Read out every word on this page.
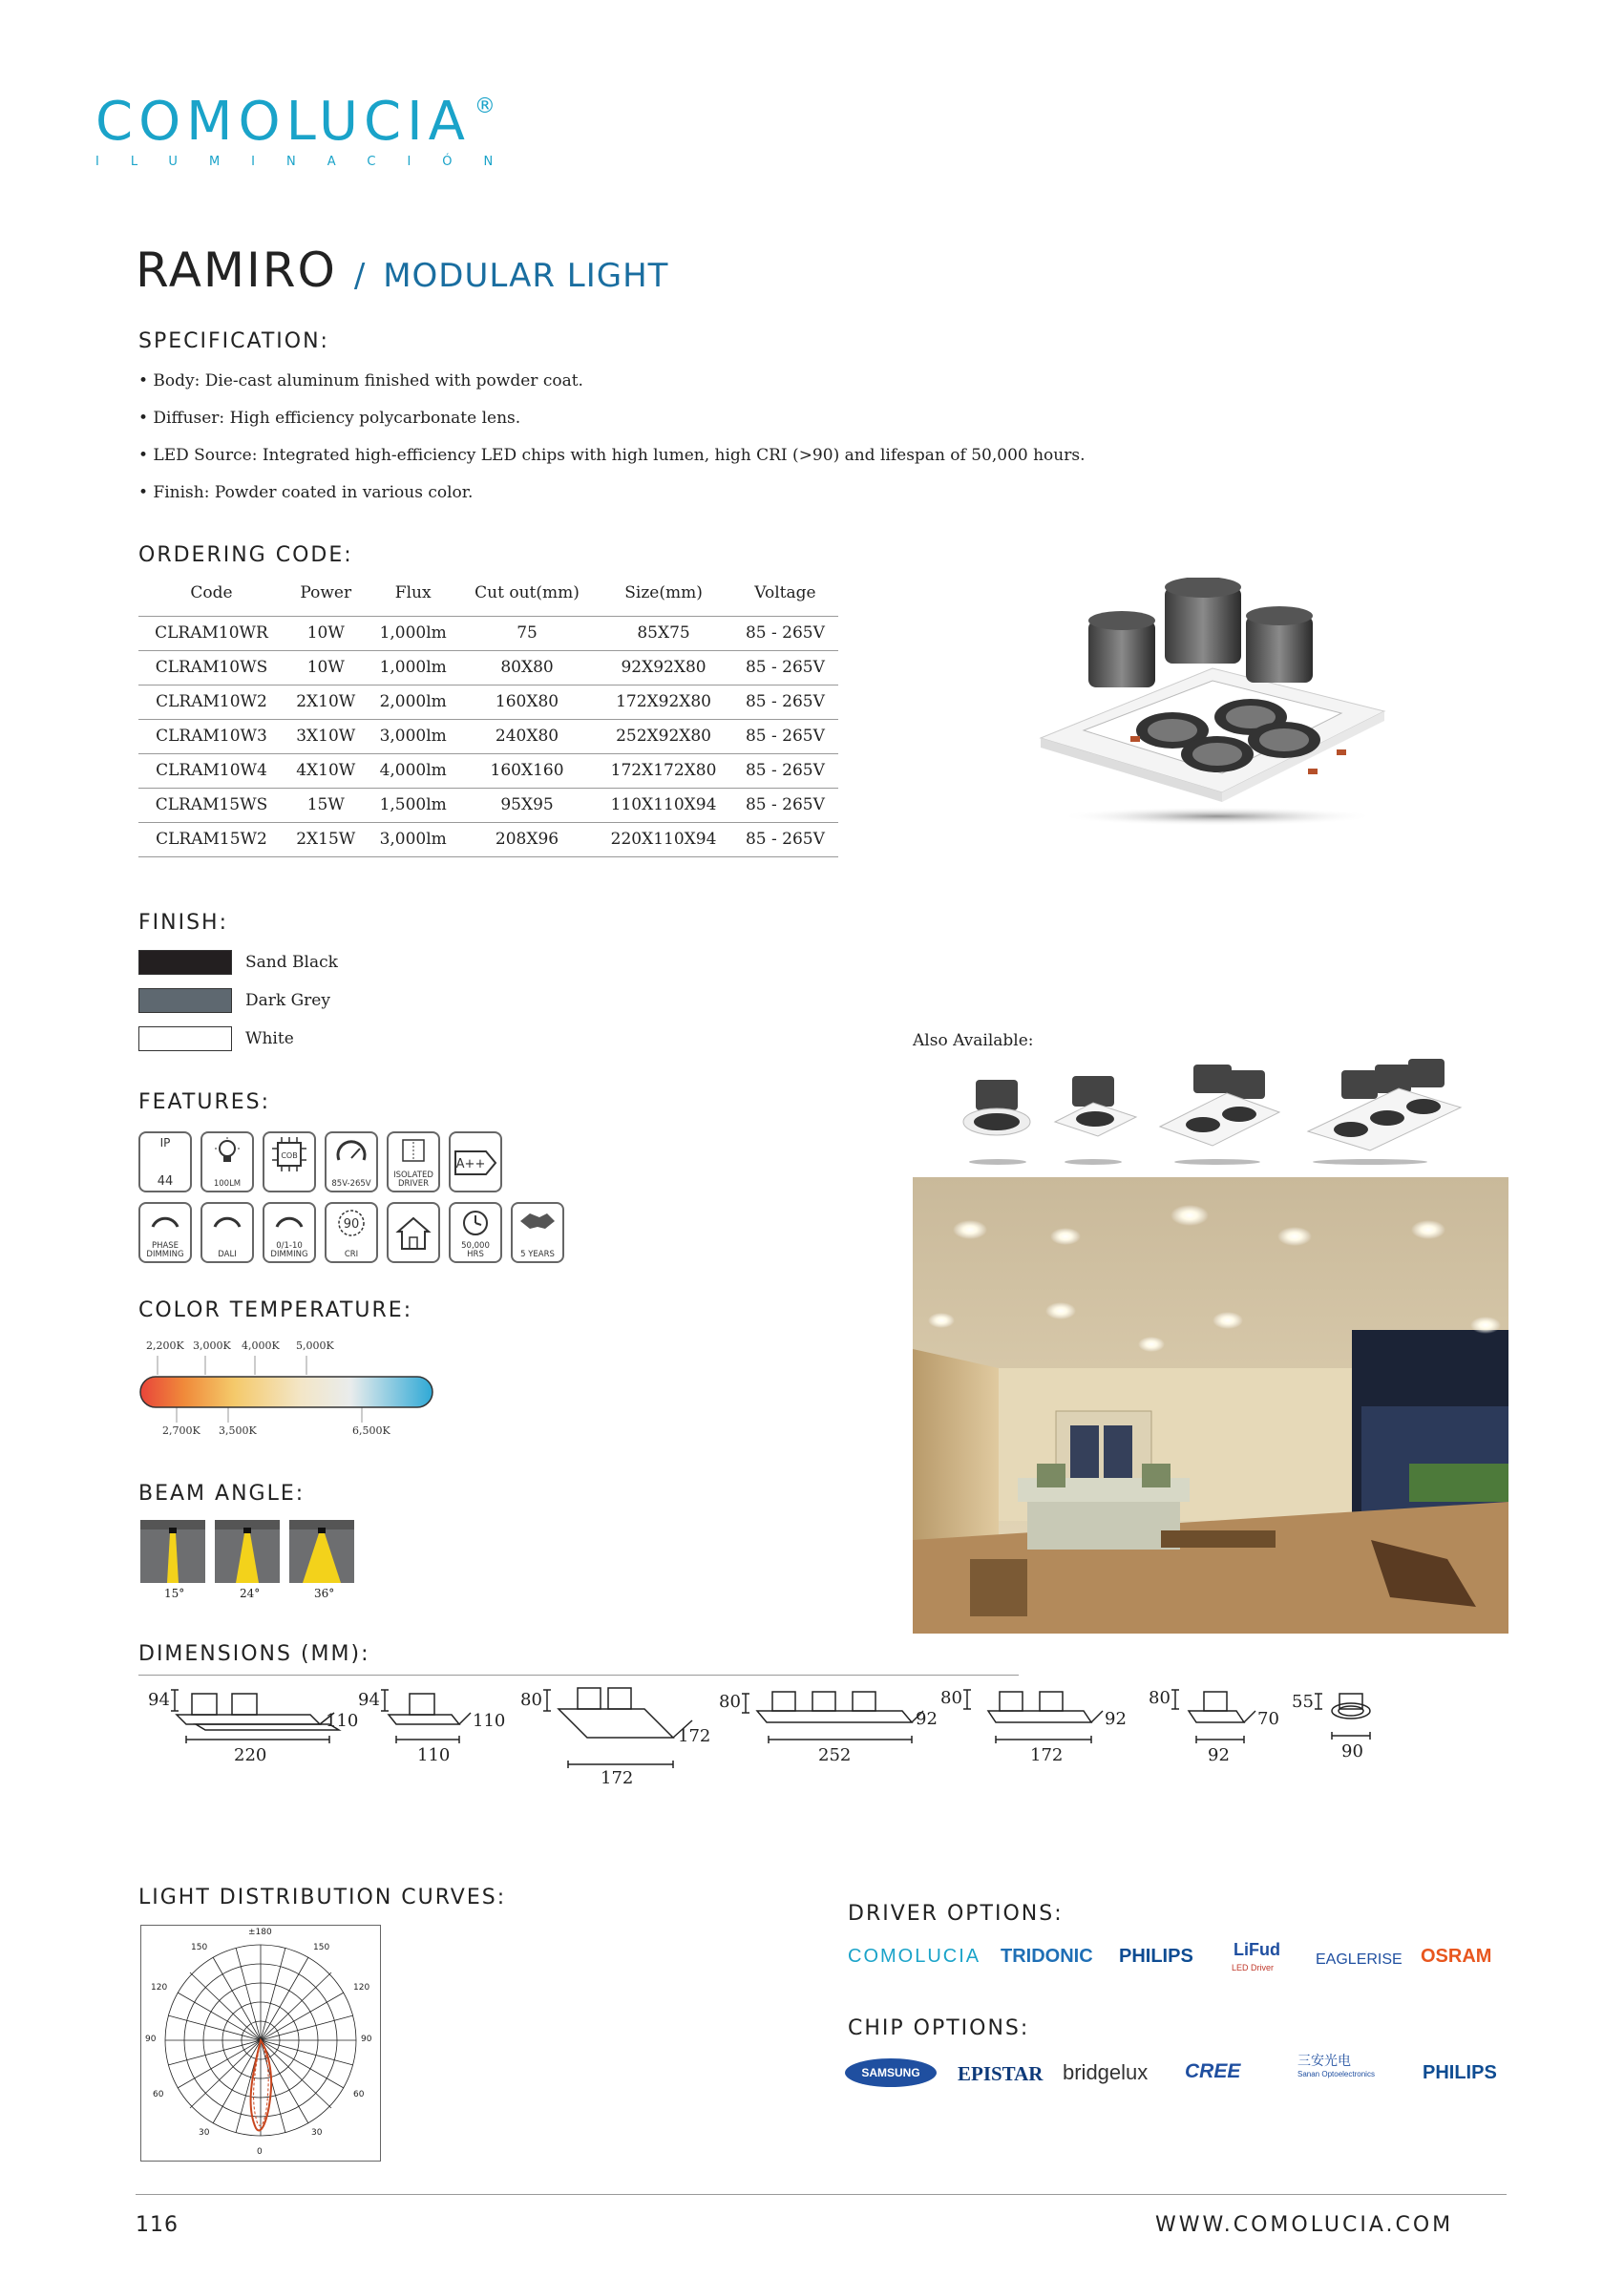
COMOLUCIA ®
ILUMINACIÓN
RAMIRO / MODULAR LIGHT
SPECIFICATION:
• Body: Die-cast aluminum finished with powder coat.
• Diffuser: High efficiency polycarbonate lens.
• LED Source: Integrated high-efficiency LED chips with high lumen, high CRI (>90) and lifespan of 50,000 hours.
• Finish: Powder coated in various color.
ORDERING CODE:
Code	Power	Flux	Cut out(mm)	Size(mm)	Voltage
CLRAM10WR	10W	1,000lm	75	85X75	85 - 265V
CLRAM10WS	10W	1,000lm	80X80	92X92X80	85 - 265V
CLRAM10W2	2X10W	2,000lm	160X80	172X92X80	85 - 265V
CLRAM10W3	3X10W	3,000lm	240X80	252X92X80	85 - 265V
CLRAM10W4	4X10W	4,000lm	160X160	172X172X80	85 - 265V
CLRAM15WS	15W	1,500lm	95X95	110X110X94	85 - 265V
CLRAM15W2	2X15W	3,000lm	208X96	220X110X94	85 - 265V
FINISH:
Sand Black
Dark Grey
White	Also Available:
FEATURES:
IP
44	100LM
COB
85V-265V
ISOLATED DRIVER
A++
PHASE DIMMING	DALI
0/1-10 DIMMING
90
CRI
50,000 HRS	5 YEARS
COLOR TEMPERATURE:
2,200K 3,000K 4,000K 5,000K
2,700K 3,500K	6,500K
BEAM ANGLE:
15°	24°	36°
DIMENSIONS (MM):
94
110
220
94
110
110
80
172
172
80
92
252
80
92
172
80
70
92
55
90
LIGHT DISTRIBUTION CURVES:
±180
150
120
90
60
30
150
120
90
60
30
0
DRIVER OPTIONS:
COMOLUCIA TRIDONIC PHILIPS LiFud
LED Driver	EAGLERISE OSRAM
CHIP OPTIONS:
SAMSUNG	EPISTAR bridgelux CREE	三安光电
Sanan Optoelectronics	PHILIPS
116	WWW.COMOLUCIA.COM
